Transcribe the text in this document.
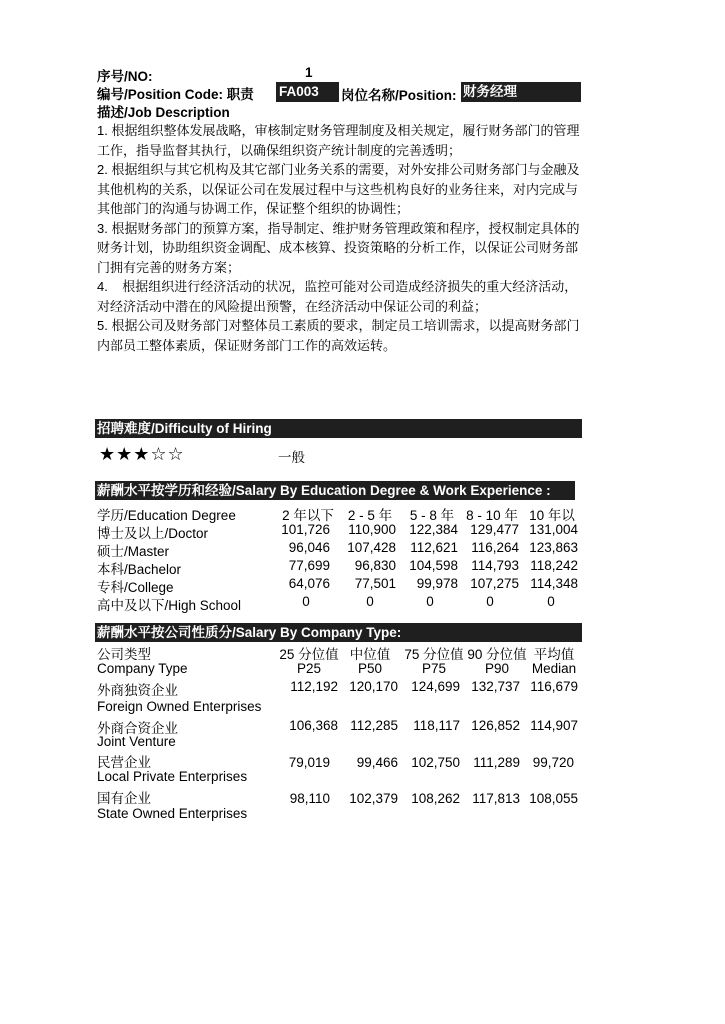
序号/NO:	1
编号/Position Code: 职责 FA003	岗位名称/Position: 财务经理
描述/Job Description

1. 根据组织整体发展战略，审核制定财务管理制度及相关规定，履行财务部门的管理工作，指导监督其执行，以确保组织资产统计制度的完善透明；

2. 根据组织与其它机构及其它部门业务关系的需要，对外安排公司财务部门与金融及其他机构的关系，以保证公司在发展过程中与这些机构良好的业务往来，对内完成与其他部门的沟通与协调工作，保证整个组织的协调性；

3. 根据财务部门的预算方案，指导制定、维护财务管理政策和程序，授权制定具体的财务计划，协助组织资金调配、成本核算、投资策略的分析工作，以保证公司财务部门拥有完善的财务方案；

4.    根据组织进行经济活动的状况，监控可能对公司造成经济损失的重大经济活动，对经济活动中潜在的风险提出预警，在经济活动中保证公司的利益；

5. 根据公司及财务部门对整体员工素质的要求，制定员工培训需求，以提高财务部门内部员工整体素质，保证财务部门工作的高效运转。

招聘难度/Difficulty of Hiring
★★★☆☆	一般
薪酬水平按学历和经验/Salary By Education Degree & Work Experience :
学历/Education Degree	2 年以下	2 - 5 年	5 - 8 年 8 - 10 年 10 年以
博士及以上/Doctor	101,726	110,900 122,384 129,477 131,004
硕士/Master	96,046	107,428	112,621 116,264 123,863
本科/Bachelor	77,699	96,830 104,598 114,793 118,242
专科/College	64,076	77,501	99,978 107,275 114,348
高中及以下/High School	0	0	0	0	0
薪酬水平按公司性质分/Salary By Company Type:
公司类型
Company Type
25 分位值 中位值	75 分位值 90 分位值 平均值
P25	P50	P75	P90	Median
外商独资企业
Foreign Owned Enterprises
112,192 120,170 124,699 132,737 116,679
外商合资企业
Joint Venture
106,368 112,285	118,117 126,852 114,907
民营企业
Local Private Enterprises
79,019	99,466 102,750 111,289 99,720
国有企业
State Owned Enterprises
98,110	102,379 108,262 117,813 108,055
